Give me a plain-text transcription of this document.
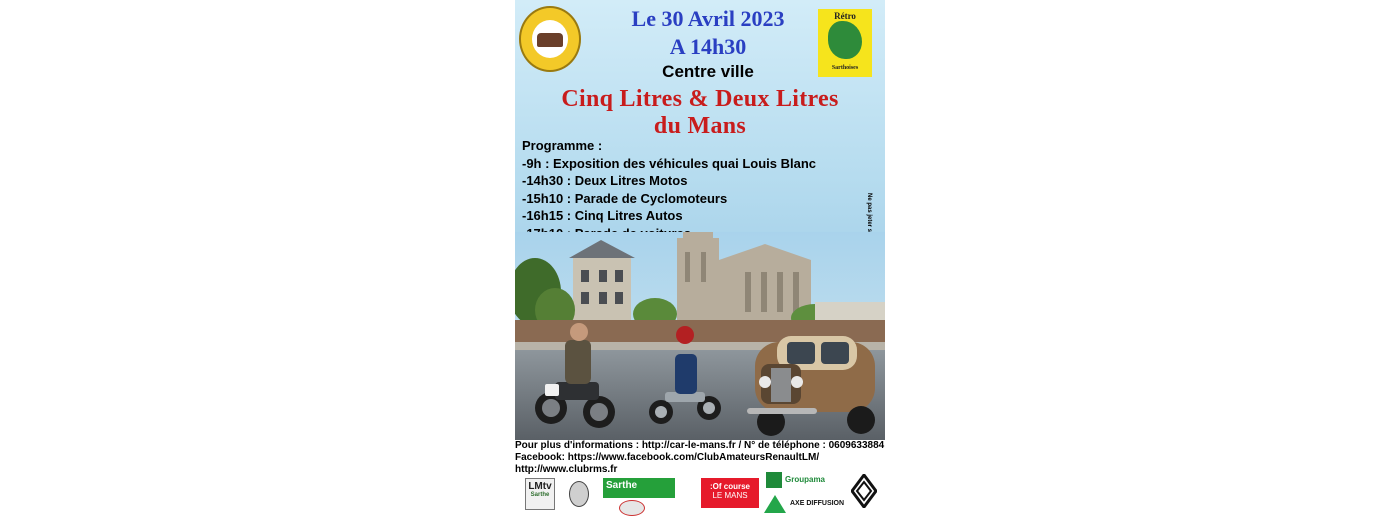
Rétro
Sarthoises
Le 30 Avril 2023
A 14h30
Centre ville
Cinq Litres & Deux Litres
du Mans
Programme :
-9h : Exposition des véhicules quai Louis Blanc
-14h30 : Deux Litres Motos
-15h10 : Parade de Cyclomoteurs
-16h15 : Cinq Litres Autos
Pour plus d'informations : http://car-le-mans.fr / N° de téléphone : 0609633884
Facebook: https://www.facebook.com/ClubAmateursRenaultLM/
http://www.clubrms.fr
LMtv
Sarthe
Sarthe	:Of course
LE MANS
Groupama
AXE DIFFUSION
